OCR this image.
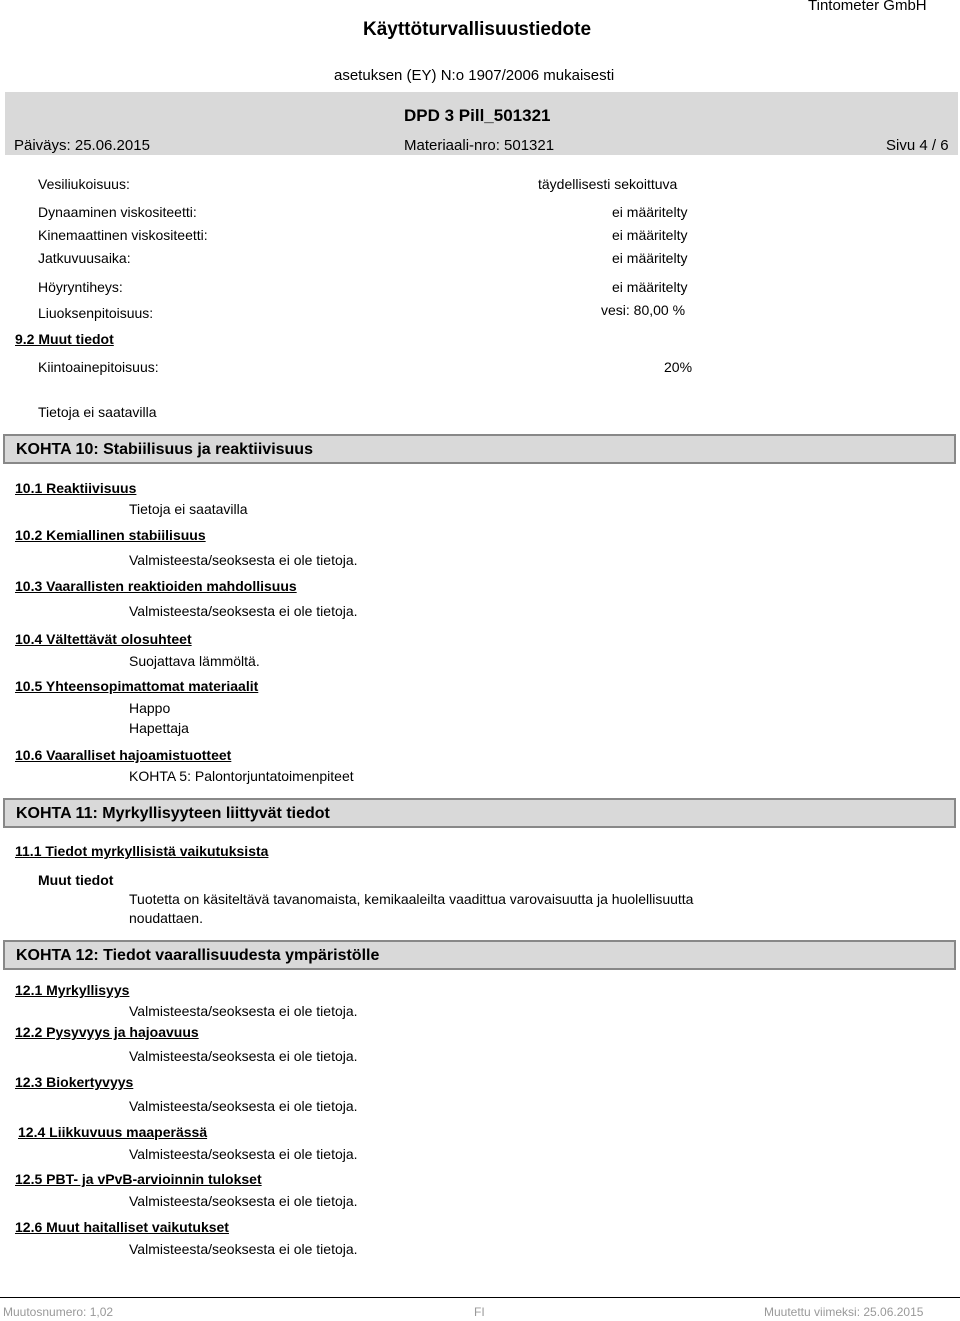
Käyttöturvallisuustiedote
Tintometer GmbH
asetuksen (EY) N:o 1907/2006 mukaisesti
DPD 3 Pill_501321
Päiväys: 25.06.2015	Materiaali-nro: 501321	Sivu 4 / 6
Vesiliukoisuus:	täydellisesti sekoittuva
Dynaaminen viskositeetti:	ei määritelty
Kinemaattinen viskositeetti:	ei määritelty
Jatkuvuusaika:	ei määritelty
Höyryntiheys:	ei määritelty
Liuoksenpitoisuus:	vesi: 80,00 %
9.2 Muut tiedot
Kiintoainepitoisuus:	20%
Tietoja ei saatavilla
KOHTA 10: Stabiilisuus ja reaktiivisuus
10.1 Reaktiivisuus
Tietoja ei saatavilla
10.2 Kemiallinen stabiilisuus
Valmisteesta/seoksesta ei ole tietoja.
10.3 Vaarallisten reaktioiden mahdollisuus
Valmisteesta/seoksesta ei ole tietoja.
10.4 Vältettävät olosuhteet
Suojattava lämmöltä.
10.5 Yhteensopimattomat materiaalit
Happo
Hapettaja
10.6 Vaaralliset hajoamistuotteet
KOHTA 5: Palontorjuntatoimenpiteet
KOHTA 11: Myrkyllisyyteen liittyvät tiedot
11.1 Tiedot myrkyllisistä vaikutuksista
Muut tiedot
Tuotetta on käsiteltävä tavanomaista, kemikaaleilta vaadittua varovaisuutta ja huolellisuutta
noudattaen.
KOHTA 12: Tiedot vaarallisuudesta ympäristölle
12.1 Myrkyllisyys
Valmisteesta/seoksesta ei ole tietoja.
12.2 Pysyvyys ja hajoavuus
Valmisteesta/seoksesta ei ole tietoja.
12.3 Biokertyvyys
Valmisteesta/seoksesta ei ole tietoja.
12.4 Liikkuvuus maaperässä
Valmisteesta/seoksesta ei ole tietoja.
12.5 PBT- ja vPvB-arvioinnin tulokset
Valmisteesta/seoksesta ei ole tietoja.
12.6 Muut haitalliset vaikutukset
Valmisteesta/seoksesta ei ole tietoja.
Muutosnumero: 1,02	FI	Muutettu viimeksi: 25.06.2015
